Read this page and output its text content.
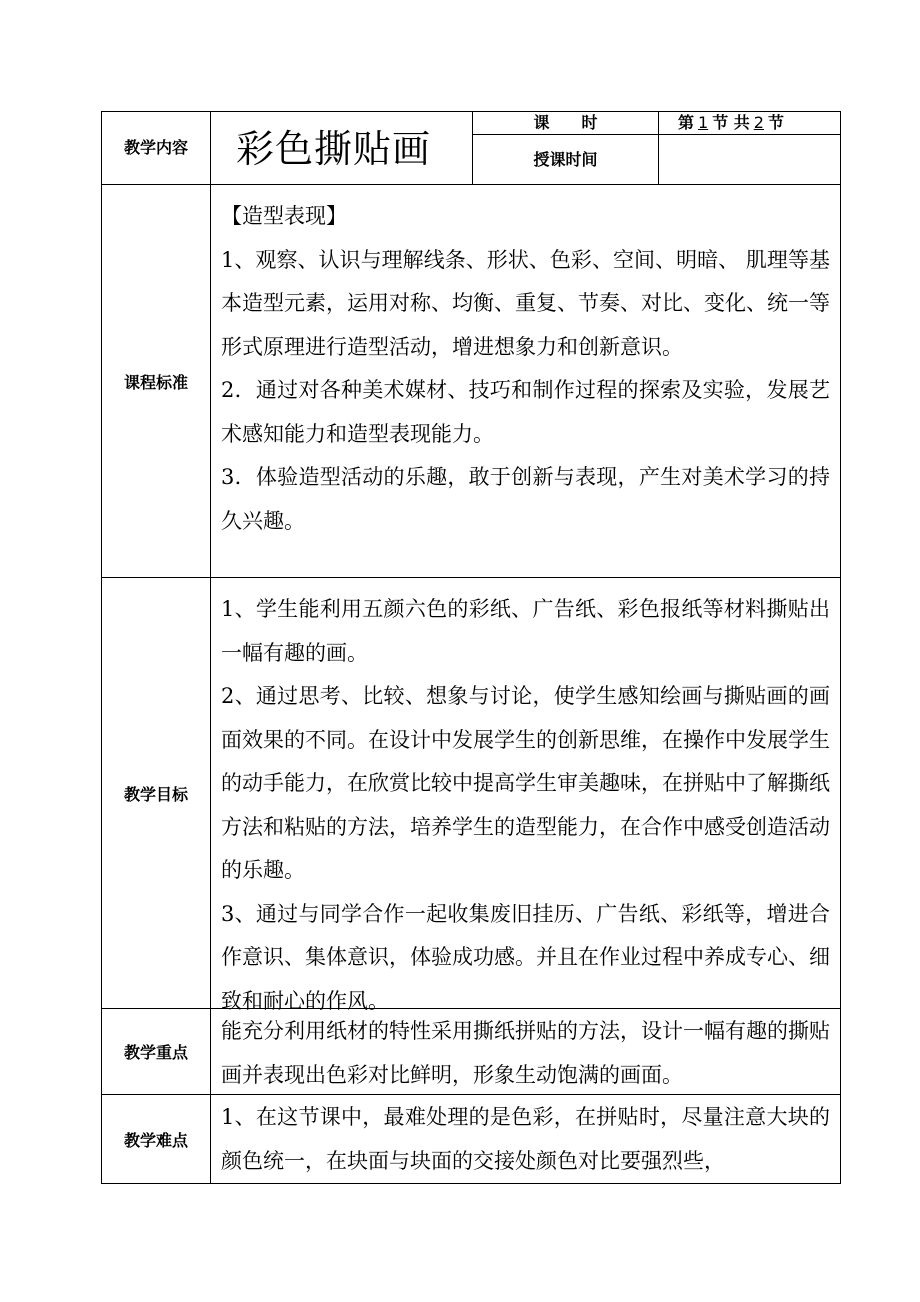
教学内容	彩色撕贴画
课　　时	第 1 节 共 2 节
授课时间
课程标准

【造型表现】

1、观察、认识与理解线条、形状、色彩、空间、明暗、 肌理等基本造型元素，运用对称、均衡、重复、节奏、对比、变化、统一等形式原理进行造型活动，增进想象力和创新意识。

2．通过对各种美术媒材、技巧和制作过程的探索及实验，发展艺术感知能力和造型表现能力。

3．体验造型活动的乐趣，敢于创新与表现，产生对美术学习的持久兴趣。

教学目标

1、学生能利用五颜六色的彩纸、广告纸、彩色报纸等材料撕贴出一幅有趣的画。

2、通过思考、比较、想象与讨论，使学生感知绘画与撕贴画的画面效果的不同。在设计中发展学生的创新思维，在操作中发展学生的动手能力，在欣赏比较中提高学生审美趣味，在拼贴中了解撕纸方法和粘贴的方法，培养学生的造型能力，在合作中感受创造活动的乐趣。

3、通过与同学合作一起收集废旧挂历、广告纸、彩纸等，增进合作意识、集体意识，体验成功感。并且在作业过程中养成专心、细致和耐心的作风。

教学重点

能充分利用纸材的特性采用撕纸拼贴的方法，设计一幅有趣的撕贴画并表现出色彩对比鲜明，形象生动饱满的画面。

教学难点

1、在这节课中，最难处理的是色彩，在拼贴时，尽量注意大块的颜色统一，在块面与块面的交接处颜色对比要强烈些，
